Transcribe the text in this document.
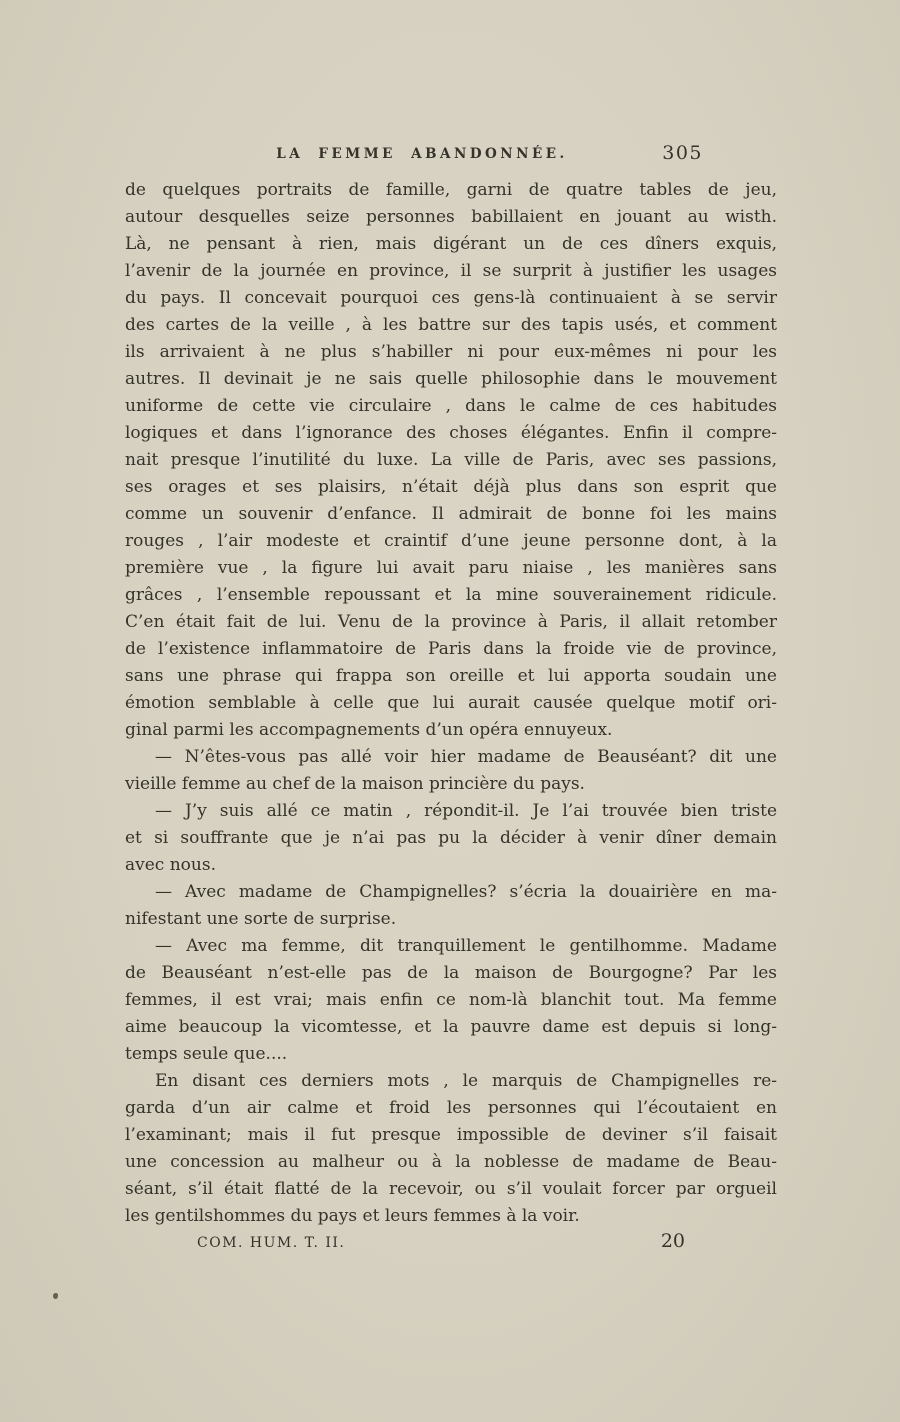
LA FEMME ABANDONNÉE.	305
de quelques portraits de famille, garni de quatre tables de jeu,
autour desquelles seize personnes babillaient en jouant au wisth.
Là, ne pensant à rien, mais digérant un de ces dîners exquis,
l’avenir de la journée en province, il se surprit à justifier les usages
du pays. Il concevait pourquoi ces gens-là continuaient à se servir
des cartes de la veille , à les battre sur des tapis usés, et comment
ils arrivaient à ne plus s’habiller ni pour eux-mêmes ni pour les
autres. Il devinait je ne sais quelle philosophie dans le mouvement
uniforme de cette vie circulaire , dans le calme de ces habitudes
logiques et dans l’ignorance des choses élégantes. Enfin il compre-
nait presque l’inutilité du luxe. La ville de Paris, avec ses passions,
ses orages et ses plaisirs, n’était déjà plus dans son esprit que
comme un souvenir d’enfance. Il admirait de bonne foi les mains
rouges , l’air modeste et craintif d’une jeune personne dont, à la
première vue , la figure lui avait paru niaise , les manières sans
grâces , l’ensemble repoussant et la mine souverainement ridicule.
C’en était fait de lui. Venu de la province à Paris, il allait retomber
de l’existence inflammatoire de Paris dans la froide vie de province,
sans une phrase qui frappa son oreille et lui apporta soudain une
émotion semblable à celle que lui aurait causée quelque motif ori-
ginal parmi les accompagnements d’un opéra ennuyeux.
— N’êtes-vous pas allé voir hier madame de Beauséant? dit une
vieille femme au chef de la maison princière du pays.
— J’y suis allé ce matin , répondit-il. Je l’ai trouvée bien triste
et si souffrante que je n’ai pas pu la décider à venir dîner demain
avec nous.
— Avec madame de Champignelles? s’écria la douairière en ma-
nifestant une sorte de surprise.
— Avec ma femme, dit tranquillement le gentilhomme. Madame
de Beauséant n’est-elle pas de la maison de Bourgogne? Par les
femmes, il est vrai; mais enfin ce nom-là blanchit tout. Ma femme
aime beaucoup la vicomtesse, et la pauvre dame est depuis si long-
temps seule que....
En disant ces derniers mots , le marquis de Champignelles re-
garda d’un air calme et froid les personnes qui l’écoutaient en
l’examinant; mais il fut presque impossible de deviner s’il faisait
une concession au malheur ou à la noblesse de madame de Beau-
séant, s’il était flatté de la recevoir, ou s’il voulait forcer par orgueil
les gentilshommes du pays et leurs femmes à la voir.
COM. HUM. T. II.	20
